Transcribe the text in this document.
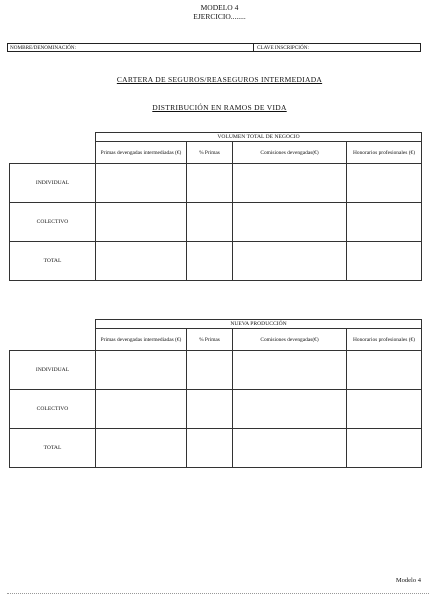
MODELO 4
EJERCICIO........
NOMBRE/DENOMINACIÓN:	CLAVE INSCRIPCIÓN:
CARTERA DE SEGUROS/REASEGUROS INTERMEDIADA
DISTRIBUCIÓN EN RAMOS DE VIDA
	VOLUMEN TOTAL DE NEGOCIO			
	Primas devengadas intermediadas (€)	% Primas	Comisiones devengadas(€)	Honorarios profesionales (€)
INDIVIDUAL				
COLECTIVO				
TOTAL				
	NUEVA PRODUCCIÓN			
	Primas devengadas intermediadas (€)	% Primas	Comisiones devengadas(€)	Honorarios profesionales (€)
INDIVIDUAL				
COLECTIVO				
TOTAL				
Modelo 4
